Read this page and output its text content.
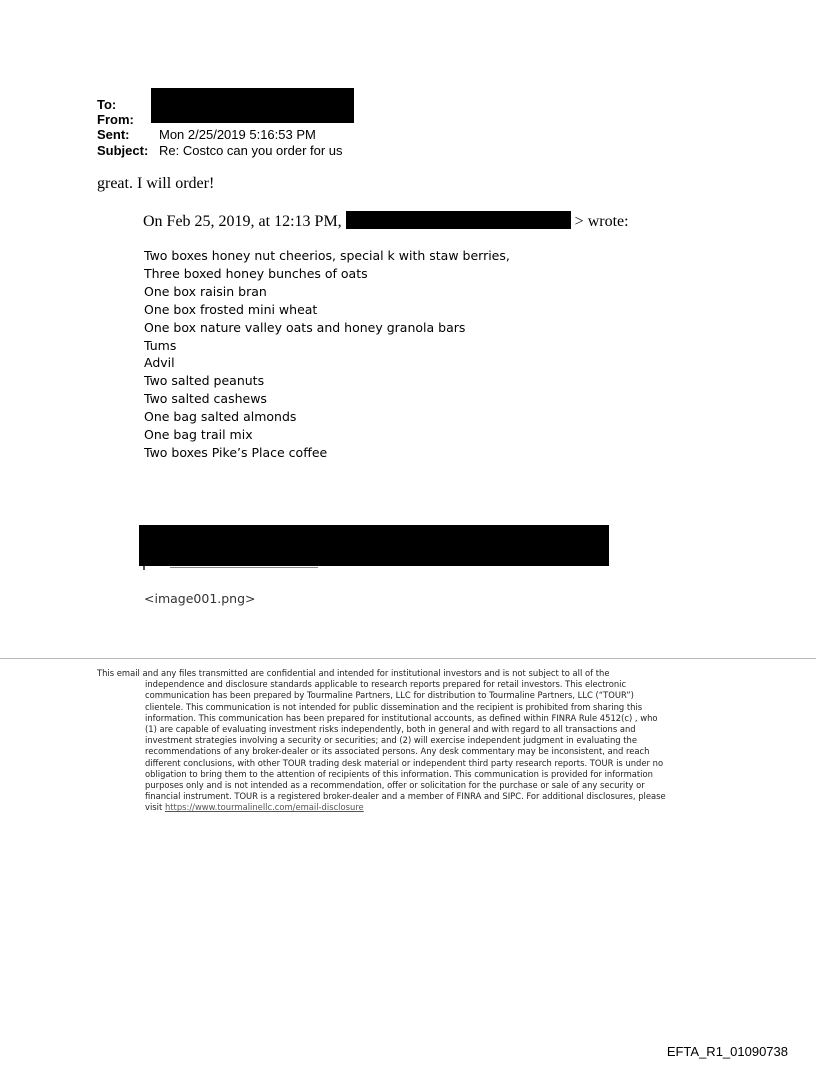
To:
From:
Sent: Mon 2/25/2019 5:16:53 PM
Subject: Re: Costco can you order for us
great. I will order!
On Feb 25, 2019, at 12:13 PM,	> wrote:
Two boxes honey nut cheerios, special k with staw berries,
Three boxed honey bunches of oats
One box raisin bran
One box frosted mini wheat
One box nature valley oats and honey granola bars
Tums
Advil
Two salted peanuts
Two salted cashews
One bag salted almonds
One bag trail mix
Two boxes Pike’s Place coffee
<image001.png>

This email and any files transmitted are confidential and intended for institutional investors and is not subject to all of the independence and disclosure standards applicable to research reports prepared for retail investors. This electronic communication has been prepared by Tourmaline Partners, LLC for distribution to Tourmaline Partners, LLC (“TOUR”) clientele. This communication is not intended for public dissemination and the recipient is prohibited from sharing this information. This communication has been prepared for institutional accounts, as defined within FINRA Rule 4512(c) , who (1) are capable of evaluating investment risks independently, both in general and with regard to all transactions and investment strategies involving a security or securities; and (2) will exercise independent judgment in evaluating the recommendations of any broker-dealer or its associated persons. Any desk commentary may be inconsistent, and reach different conclusions, with other TOUR trading desk material or independent third party research reports. TOUR is under no obligation to bring them to the attention of recipients of this information. This communication is provided for information purposes only and is not intended as a recommendation, offer or solicitation for the purchase or sale of any security or financial instrument. TOUR is a registered broker-dealer and a member of FINRA and SIPC. For additional disclosures, please visit https://www.tourmalinellc.com/email-disclosure

EFTA_R1_01090738
